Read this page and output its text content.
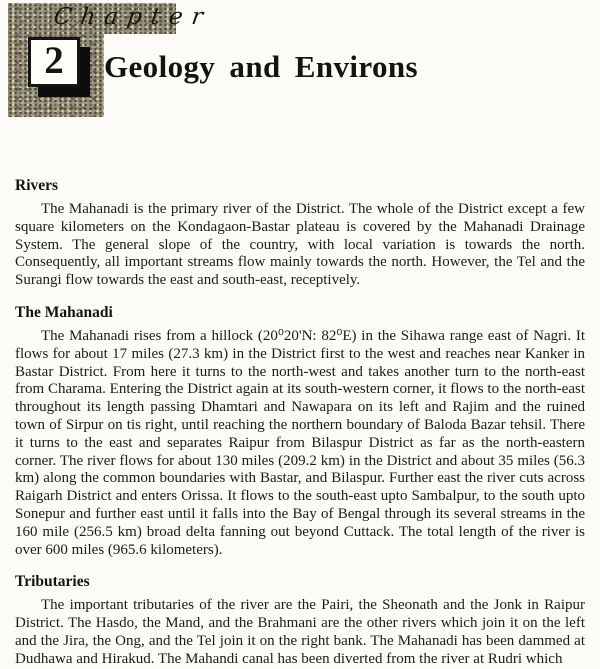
Chapter
2 Geology and Environs
Rivers

The Mahanadi is the primary river of the District. The whole of the District except a few square kilometers on the Kondagaon-Bastar plateau is covered by the Mahanadi Drainage System. The general slope of the country, with local variation is towards the north. Consequently, all important streams flow mainly towards the north. However, the Tel and the Surangi flow towards the east and south-east, receptively.

The Mahanadi

The Mahanadi rises from a hillock (20⁰20'N: 82⁰E) in the Sihawa range east of Nagri. It flows for about 17 miles (27.3 km) in the District first to the west and reaches near Kanker in Bastar District. From here it turns to the north-west and takes another turn to the north-east from Charama. Entering the District again at its south-western corner, it flows to the north-east throughout its length passing Dhamtari and Nawapara on its left and Rajim and the ruined town of Sirpur on tis right, until reaching the northern boundary of Baloda Bazar tehsil. There it turns to the east and separates Raipur from Bilaspur District as far as the north-eastern corner. The river flows for about 130 miles (209.2 km) in the District and about 35 miles (56.3 km) along the common boundaries with Bastar, and Bilaspur. Further east the river cuts across Raigarh District and enters Orissa. It flows to the south-east upto Sambalpur, to the south upto Sonepur and further east until it falls into the Bay of Bengal through its several streams in the 160 mile (256.5 km) broad delta fanning out beyond Cuttack. The total length of the river is over 600 miles (965.6 kilometers).

Tributaries

The important tributaries of the river are the Pairi, the Sheonath and the Jonk in Raipur District. The Hasdo, the Mand, and the Brahmani are the other rivers which join it on the left and the Jira, the Ong, and the Tel join it on the right bank. The Mahanadi has been dammed at Dudhawa and Hirakud. The Mahandi canal has been diverted from the river at Rudri which
